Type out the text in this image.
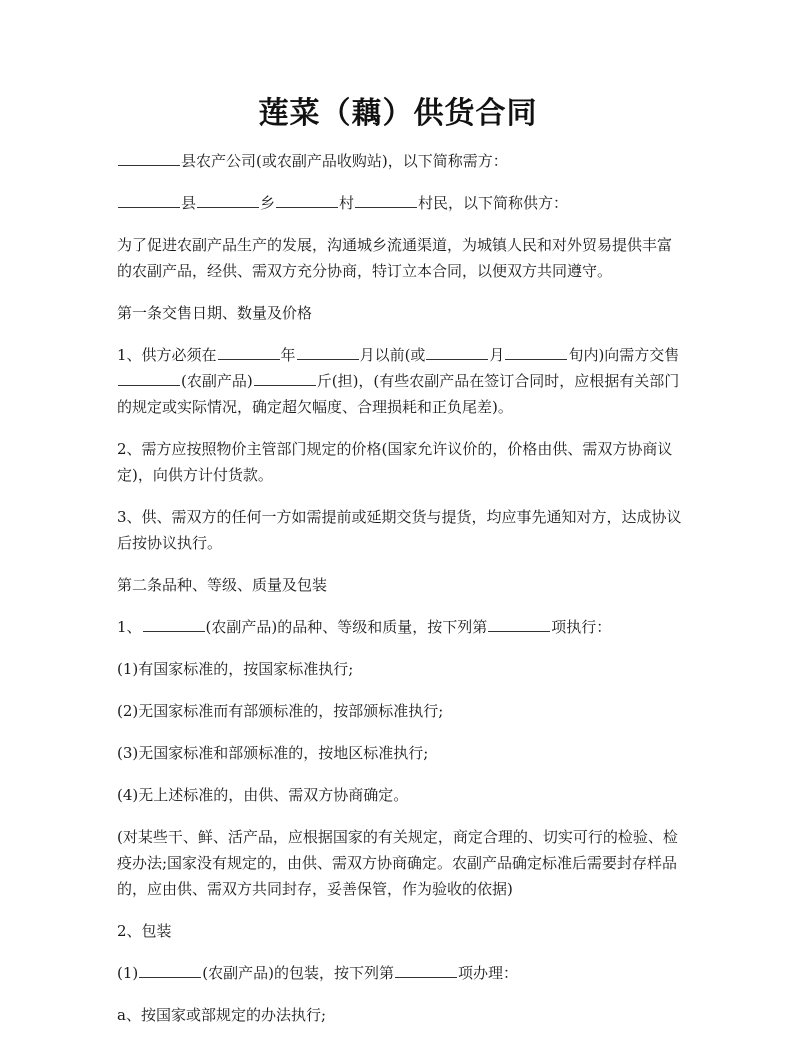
莲菜（藕）供货合同

县农产公司(或农副产品收购站)，以下简称需方：

县	乡	村	村民，以下简称供方：

为了促进农副产品生产的发展，沟通城乡流通渠道，为城镇人民和对外贸易提供丰富的农副产品，经供、需双方充分协商，特订立本合同，以便双方共同遵守。

第一条交售日期、数量及价格

1、供方必须在	年	月以前(或	月	旬内)向需方交售(农副产品)	斤(担)，(有些农副产品在签订合同时，应根据有关部门的规定或实际情况，确定超欠幅度、合理损耗和正负尾差)。

2、需方应按照物价主管部门规定的价格(国家允许议价的，价格由供、需双方协商议定)，向供方计付货款。

3、供、需双方的任何一方如需提前或延期交货与提货，均应事先通知对方，达成协议后按协议执行。

第二条品种、等级、质量及包装

1、	(农副产品)的品种、等级和质量，按下列第	项执行：

(1)有国家标准的，按国家标准执行;

(2)无国家标准而有部颁标准的，按部颁标准执行;

(3)无国家标准和部颁标准的，按地区标准执行;

(4)无上述标准的，由供、需双方协商确定。

(对某些干、鲜、活产品，应根据国家的有关规定，商定合理的、切实可行的检验、检疫办法;国家没有规定的，由供、需双方协商确定。农副产品确定标准后需要封存样品的，应由供、需双方共同封存，妥善保管，作为验收的依据)

2、包装

(1)	(农副产品)的包装，按下列第	项办理：

a、按国家或部规定的办法执行;
